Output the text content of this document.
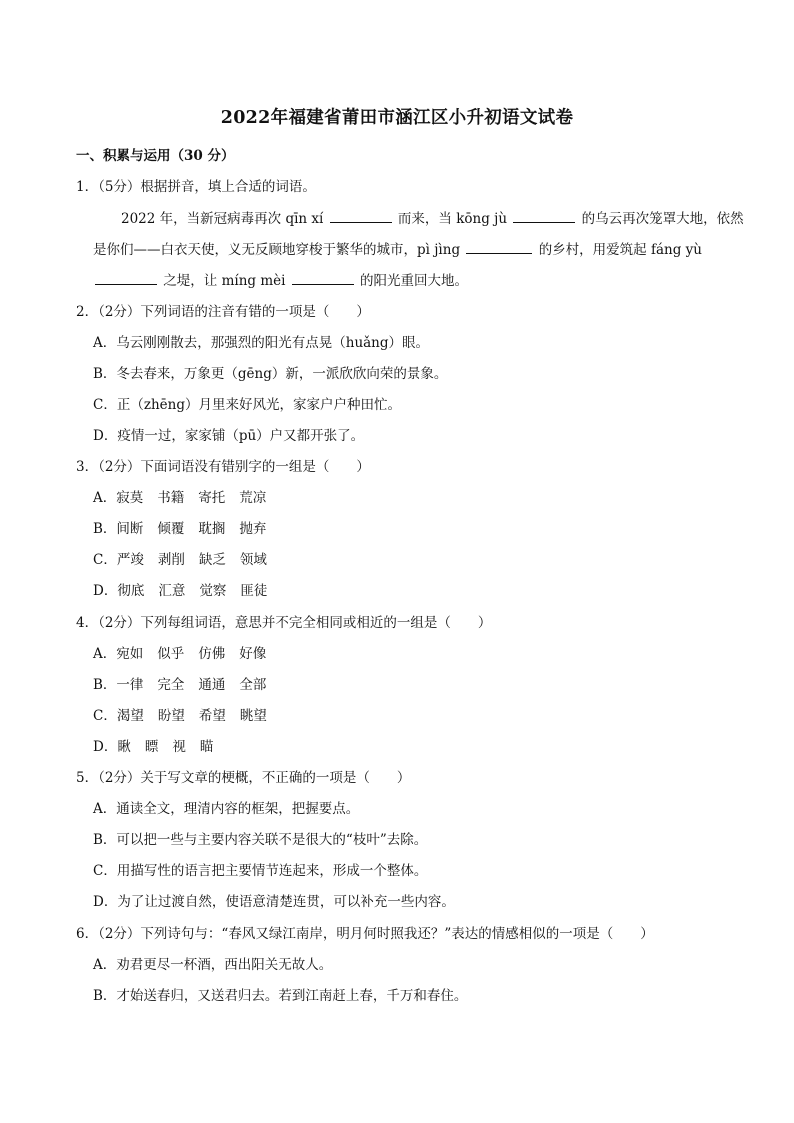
2022年福建省莆田市涵江区小升初语文试卷
一、积累与运用（30 分）
1．（5分）根据拼音，填上合适的词语。
2022 年，当新冠病毒再次 qīn xí	而来，当 kōng jù	的乌云再次笼罩大地，依然
是你们——白衣天使，义无反顾地穿梭于繁华的城市，pì jìng	的乡村，用爱筑起 fáng yù
之堤，让 míng mèi	的阳光重回大地。
2．（2分）下列词语的注音有错的一项是（　　）
A．乌云刚刚散去，那强烈的阳光有点晃（huǎng）眼。
B．冬去春来，万象更（gēng）新，一派欣欣向荣的景象。
C．正（zhēng）月里来好风光，家家户户种田忙。
D．疫情一过，家家铺（pū）户又都开张了。
3．（2分）下面词语没有错别字的一组是（　　）
A．寂莫 书籍 寄托 荒凉
B．间断 倾覆 耽搁 抛弃
C．严竣 剥削 缺乏 领域
D．彻底 汇意 觉察 匪徒
4．（2分）下列每组词语，意思并不完全相同或相近的一组是（　　）
A．宛如 似乎 仿佛 好像
B．一律 完全 通通 全部
C．渴望 盼望 希望 眺望
D．瞅 瞟 视 瞄
5．（2分）关于写文章的梗概，不正确的一项是（　　）
A．通读全文，理清内容的框架，把握要点。
B．可以把一些与主要内容关联不是很大的“枝叶”去除。
C．用描写性的语言把主要情节连起来，形成一个整体。
D．为了让过渡自然，使语意清楚连贯，可以补充一些内容。
6．（2分）下列诗句与：“春风又绿江南岸，明月何时照我还？”表达的情感相似的一项是（　　）
A．劝君更尽一杯酒，西出阳关无故人。
B．才始送春归，又送君归去。若到江南赶上春，千万和春住。
